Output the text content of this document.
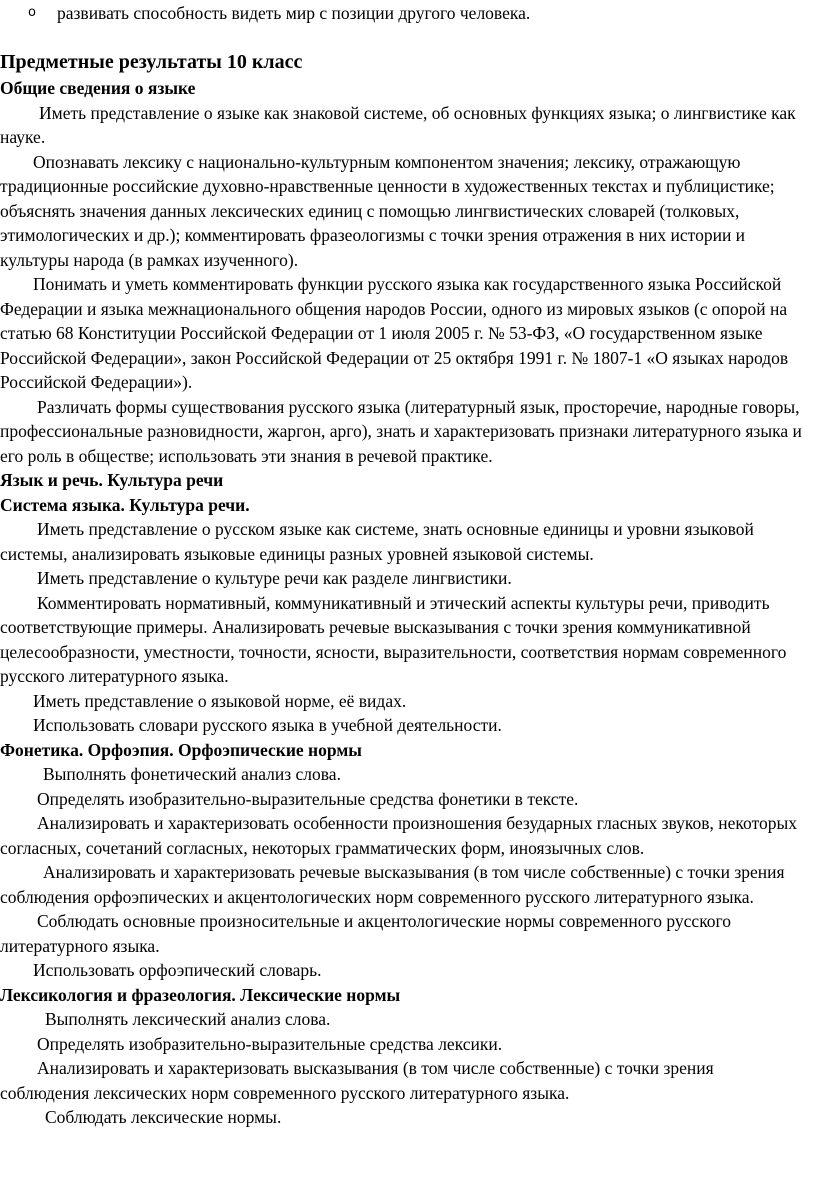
o развивать способность видеть мир с позиции другого человека.

Предметные результаты 10 класс

Общие сведения о языке

Иметь представление о языке как знаковой системе, об основных функциях языка; о лингвистике как науке.

Опознавать лексику с национально-культурным компонентом значения; лексику, отражающую традиционные российские духовно-нравственные ценности в художественных текстах и публицистике; объяснять значения данных лексических единиц с помощью лингвистических словарей (толковых, этимологических и др.); комментировать фразеологизмы с точки зрения отражения в них истории и культуры народа (в рамках изученного).

Понимать и уметь комментировать функции русского языка как государственного языка Российской Федерации и языка межнационального общения народов России, одного из мировых языков (с опорой на статью 68 Конституции Российской Федерации от 1 июля 2005 г. № 53-ФЗ, «О государственном языке Российской Федерации», закон Российской Федерации от 25 октября 1991 г. № 1807-1 «О языках народов Российской Федерации»).

Различать формы существования русского языка (литературный язык, просторечие, народные говоры, профессиональные разновидности, жаргон, арго), знать и характеризовать признаки литературного языка и его роль в обществе; использовать эти знания в речевой практике.

Язык и речь. Культура речи

Система языка. Культура речи.

Иметь представление о русском языке как системе, знать основные единицы и уровни языковой системы, анализировать языковые единицы разных уровней языковой системы.

Иметь представление о культуре речи как разделе лингвистики.

Комментировать нормативный, коммуникативный и этический аспекты культуры речи, приводить соответствующие примеры. Анализировать речевые высказывания с точки зрения коммуникативной целесообразности, уместности, точности, ясности, выразительности, соответствия нормам современного русского литературного языка.

Иметь представление о языковой норме, её видах.

Использовать словари русского языка в учебной деятельности.

Фонетика. Орфоэпия. Орфоэпические нормы

Выполнять фонетический анализ слова.

Определять изобразительно-выразительные средства фонетики в тексте.

Анализировать и характеризовать особенности произношения безударных гласных звуков, некоторых согласных, сочетаний согласных, некоторых грамматических форм, иноязычных слов.

Анализировать и характеризовать речевые высказывания (в том числе собственные) с точки зрения соблюдения орфоэпических и акцентологических норм современного русского литературного языка.

Соблюдать основные произносительные и акцентологические нормы современного русского литературного языка.

Использовать орфоэпический словарь.

Лексикология и фразеология. Лексические нормы

Выполнять лексический анализ слова.

Определять изобразительно-выразительные средства лексики.

Анализировать и характеризовать высказывания (в том числе собственные) с точки зрения соблюдения лексических норм современного русского литературного языка.

Соблюдать лексические нормы.
